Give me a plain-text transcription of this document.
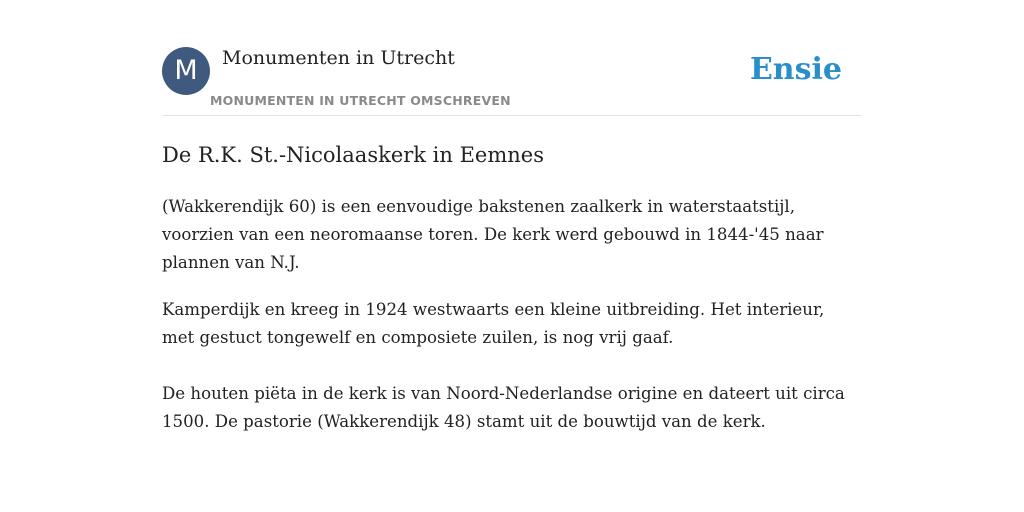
M	Monumenten in Utrecht
MONUMENTEN IN UTRECHT OMSCHREVEN
Ensie
De R.K. St.-Nicolaaskerk in Eemnes

(Wakkerendijk 60) is een eenvoudige bakstenen zaalkerk in waterstaatstijl,
voorzien van een neoromaanse toren. De kerk werd gebouwd in 1844-'45 naar
plannen van N.J.

Kamperdijk en kreeg in 1924 westwaarts een kleine uitbreiding. Het interieur,
met gestuct tongewelf en composiete zuilen, is nog vrij gaaf.

De houten piëta in de kerk is van Noord-Nederlandse origine en dateert uit circa
1500. De pastorie (Wakkerendijk 48) stamt uit de bouwtijd van de kerk.
